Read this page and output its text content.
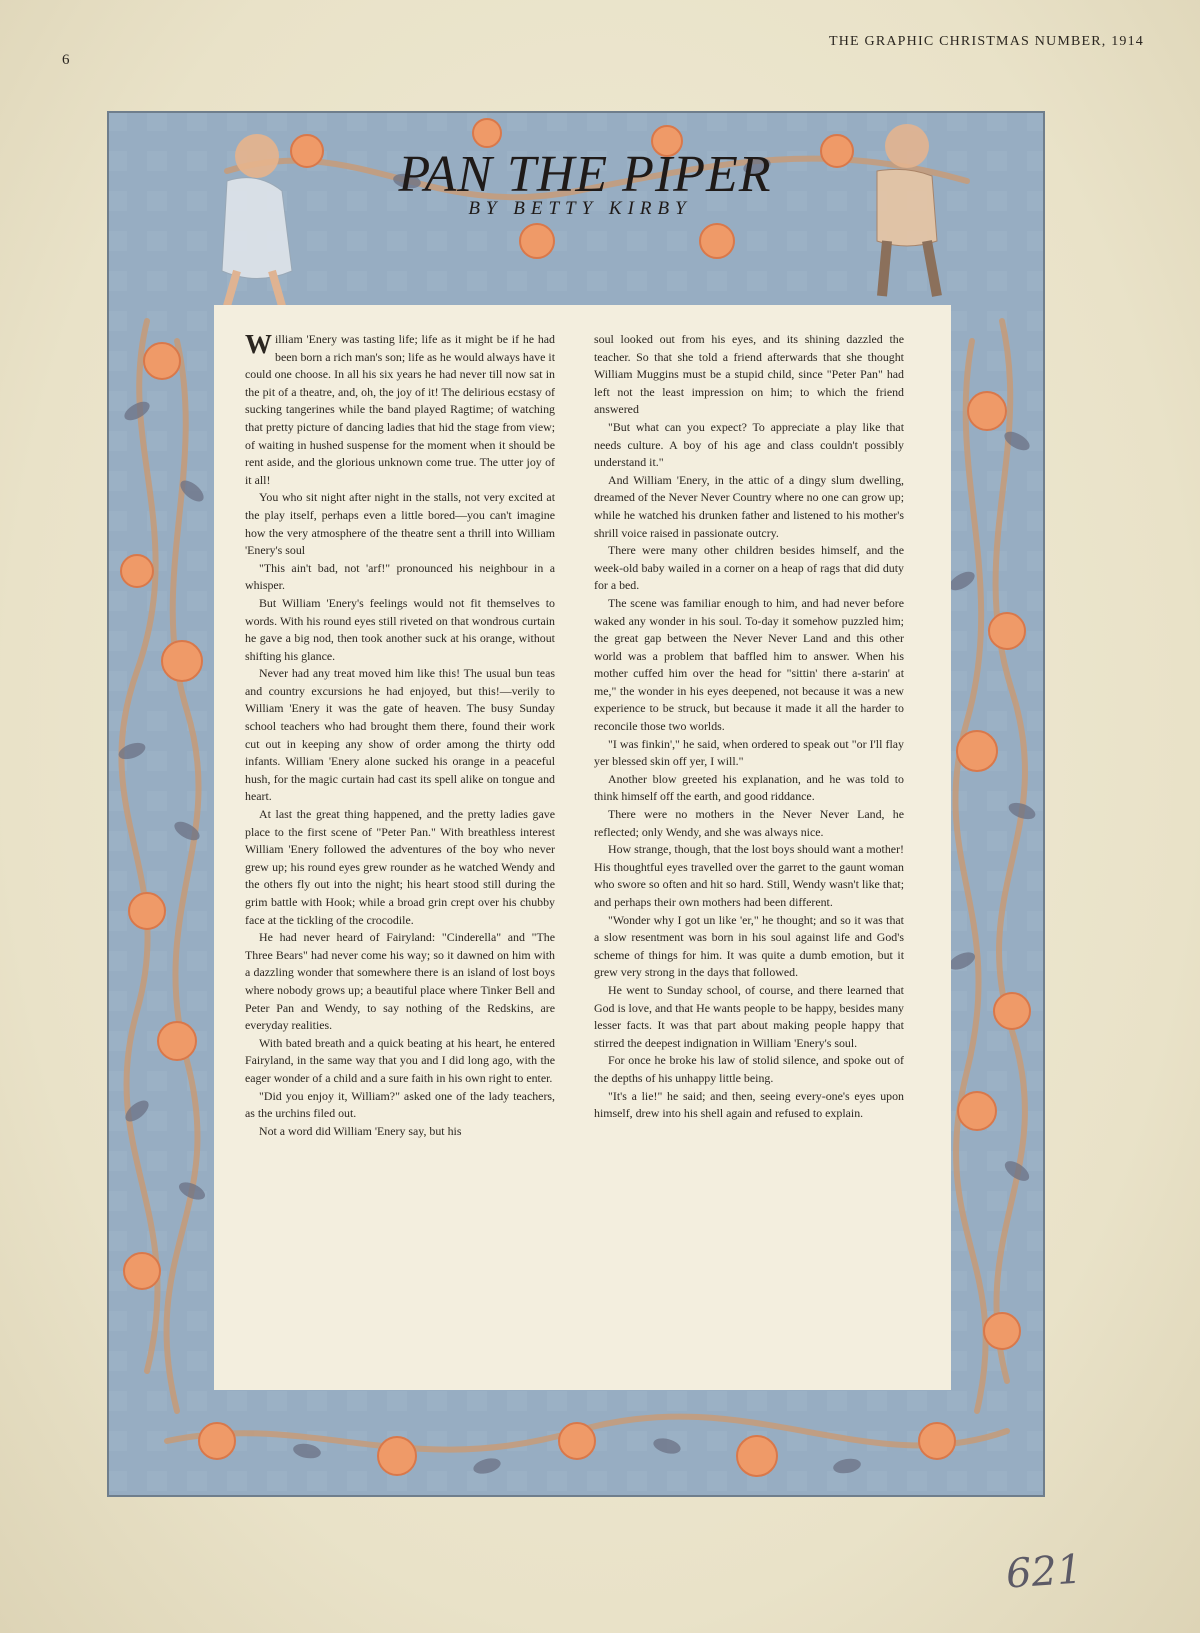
6
THE GRAPHIC CHRISTMAS NUMBER, 1914
PAN THE PIPER
BY BETTY KIRBY

William 'Enery was tasting life; life as it might be if he had been born a rich man's son; life as he would always have it could one choose. In all his six years he had never till now sat in the pit of a theatre, and, oh, the joy of it! The delirious ecstasy of sucking tangerines while the band played Ragtime; of watching that pretty picture of dancing ladies that hid the stage from view; of waiting in hushed suspense for the moment when it should be rent aside, and the glorious unknown come true. The utter joy of it all!

You who sit night after night in the stalls, not very excited at the play itself, perhaps even a little bored—you can't imagine how the very atmosphere of the theatre sent a thrill into William 'Enery's soul

"This ain't bad, not 'arf!" pronounced his neighbour in a whisper.

But William 'Enery's feelings would not fit themselves to words. With his round eyes still riveted on that wondrous curtain he gave a big nod, then took another suck at his orange, without shifting his glance.

Never had any treat moved him like this! The usual bun teas and country excursions he had enjoyed, but this!—verily to William 'Enery it was the gate of heaven. The busy Sunday school teachers who had brought them there, found their work cut out in keeping any show of order among the thirty odd infants. William 'Enery alone sucked his orange in a peaceful hush, for the magic curtain had cast its spell alike on tongue and heart.

At last the great thing happened, and the pretty ladies gave place to the first scene of "Peter Pan." With breathless interest William 'Enery followed the adventures of the boy who never grew up; his round eyes grew rounder as he watched Wendy and the others fly out into the night; his heart stood still during the grim battle with Hook; while a broad grin crept over his chubby face at the tickling of the crocodile.

He had never heard of Fairyland: "Cinderella" and "The Three Bears" had never come his way; so it dawned on him with a dazzling wonder that somewhere there is an island of lost boys where nobody grows up; a beautiful place where Tinker Bell and Peter Pan and Wendy, to say nothing of the Redskins, are everyday realities.

With bated breath and a quick beating at his heart, he entered Fairyland, in the same way that you and I did long ago, with the eager wonder of a child and a sure faith in his own right to enter.

"Did you enjoy it, William?" asked one of the lady teachers, as the urchins filed out.

Not a word did William 'Enery say, but his

soul looked out from his eyes, and its shining dazzled the teacher. So that she told a friend afterwards that she thought William Muggins must be a stupid child, since "Peter Pan" had left not the least impression on him; to which the friend answered

"But what can you expect? To appreciate a play like that needs culture. A boy of his age and class couldn't possibly understand it."

And William 'Enery, in the attic of a dingy slum dwelling, dreamed of the Never Never Country where no one can grow up; while he watched his drunken father and listened to his mother's shrill voice raised in passionate outcry.

There were many other children besides himself, and the week-old baby wailed in a corner on a heap of rags that did duty for a bed.

The scene was familiar enough to him, and had never before waked any wonder in his soul. To-day it somehow puzzled him; the great gap between the Never Never Land and this other world was a problem that baffled him to answer. When his mother cuffed him over the head for "sittin' there a-starin' at me," the wonder in his eyes deepened, not because it was a new experience to be struck, but because it made it all the harder to reconcile those two worlds.

"I was finkin'," he said, when ordered to speak out "or I'll flay yer blessed skin off yer, I will."

Another blow greeted his explanation, and he was told to think himself off the earth, and good riddance.

There were no mothers in the Never Never Land, he reflected; only Wendy, and she was always nice.

How strange, though, that the lost boys should want a mother! His thoughtful eyes travelled over the garret to the gaunt woman who swore so often and hit so hard. Still, Wendy wasn't like that; and perhaps their own mothers had been different.

"Wonder why I got un like 'er," he thought; and so it was that a slow resentment was born in his soul against life and God's scheme of things for him. It was quite a dumb emotion, but it grew very strong in the days that followed.

He went to Sunday school, of course, and there learned that God is love, and that He wants people to be happy, besides many lesser facts. It was that part about making people happy that stirred the deepest indignation in William 'Enery's soul.

For once he broke his law of stolid silence, and spoke out of the depths of his unhappy little being.

"It's a lie!" he said; and then, seeing every-one's eyes upon himself, drew into his shell again and refused to explain.

621
